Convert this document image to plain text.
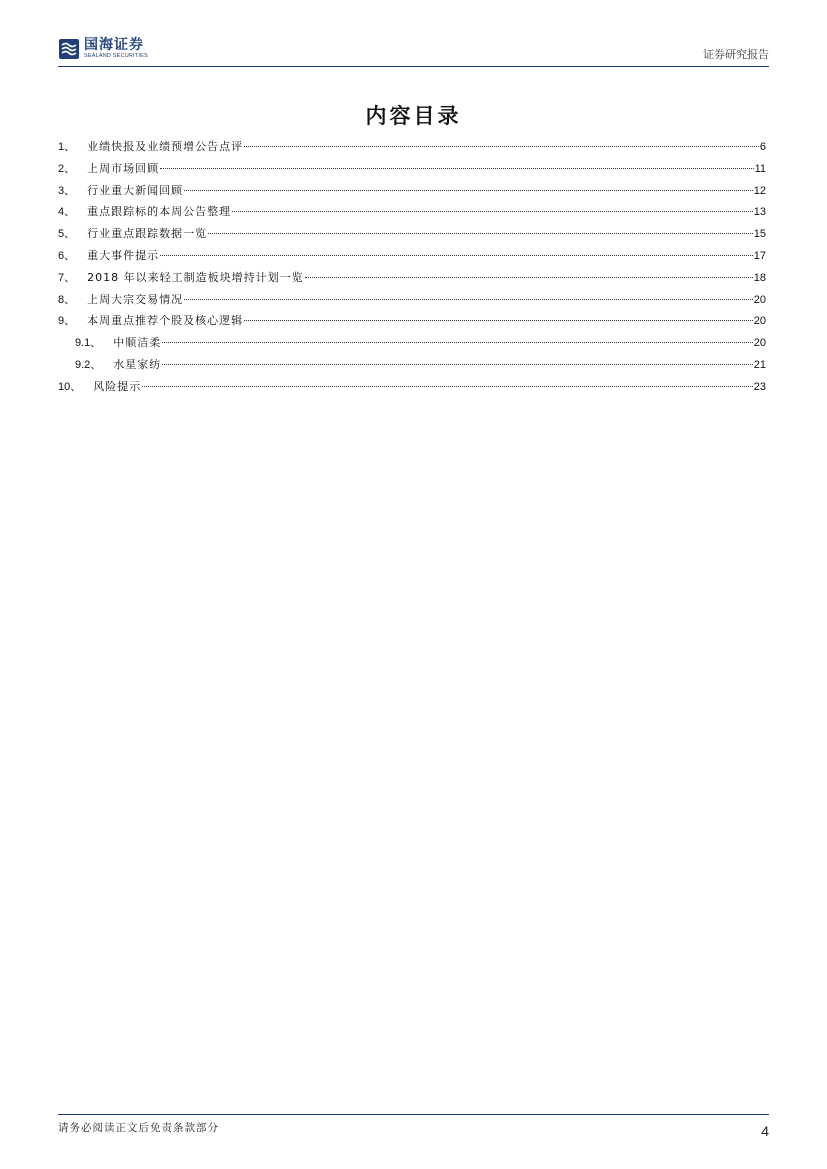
国海证券
SEALAND SECURITIES	证券研究报告
内容目录
1、 业绩快报及业绩预增公告点评	6
2、 上周市场回顾	11
3、 行业重大新闻回顾	12
4、 重点跟踪标的本周公告整理	13
5、 行业重点跟踪数据一览	15
6、 重大事件提示	17
7、 2018 年以来轻工制造板块增持计划一览	18
8、 上周大宗交易情况	20
9、 本周重点推荐个股及核心逻辑	20
9.1、 中顺洁柔	20
9.2、 水星家纺	21
10、 风险提示	23
请务必阅读正文后免责条款部分	4
